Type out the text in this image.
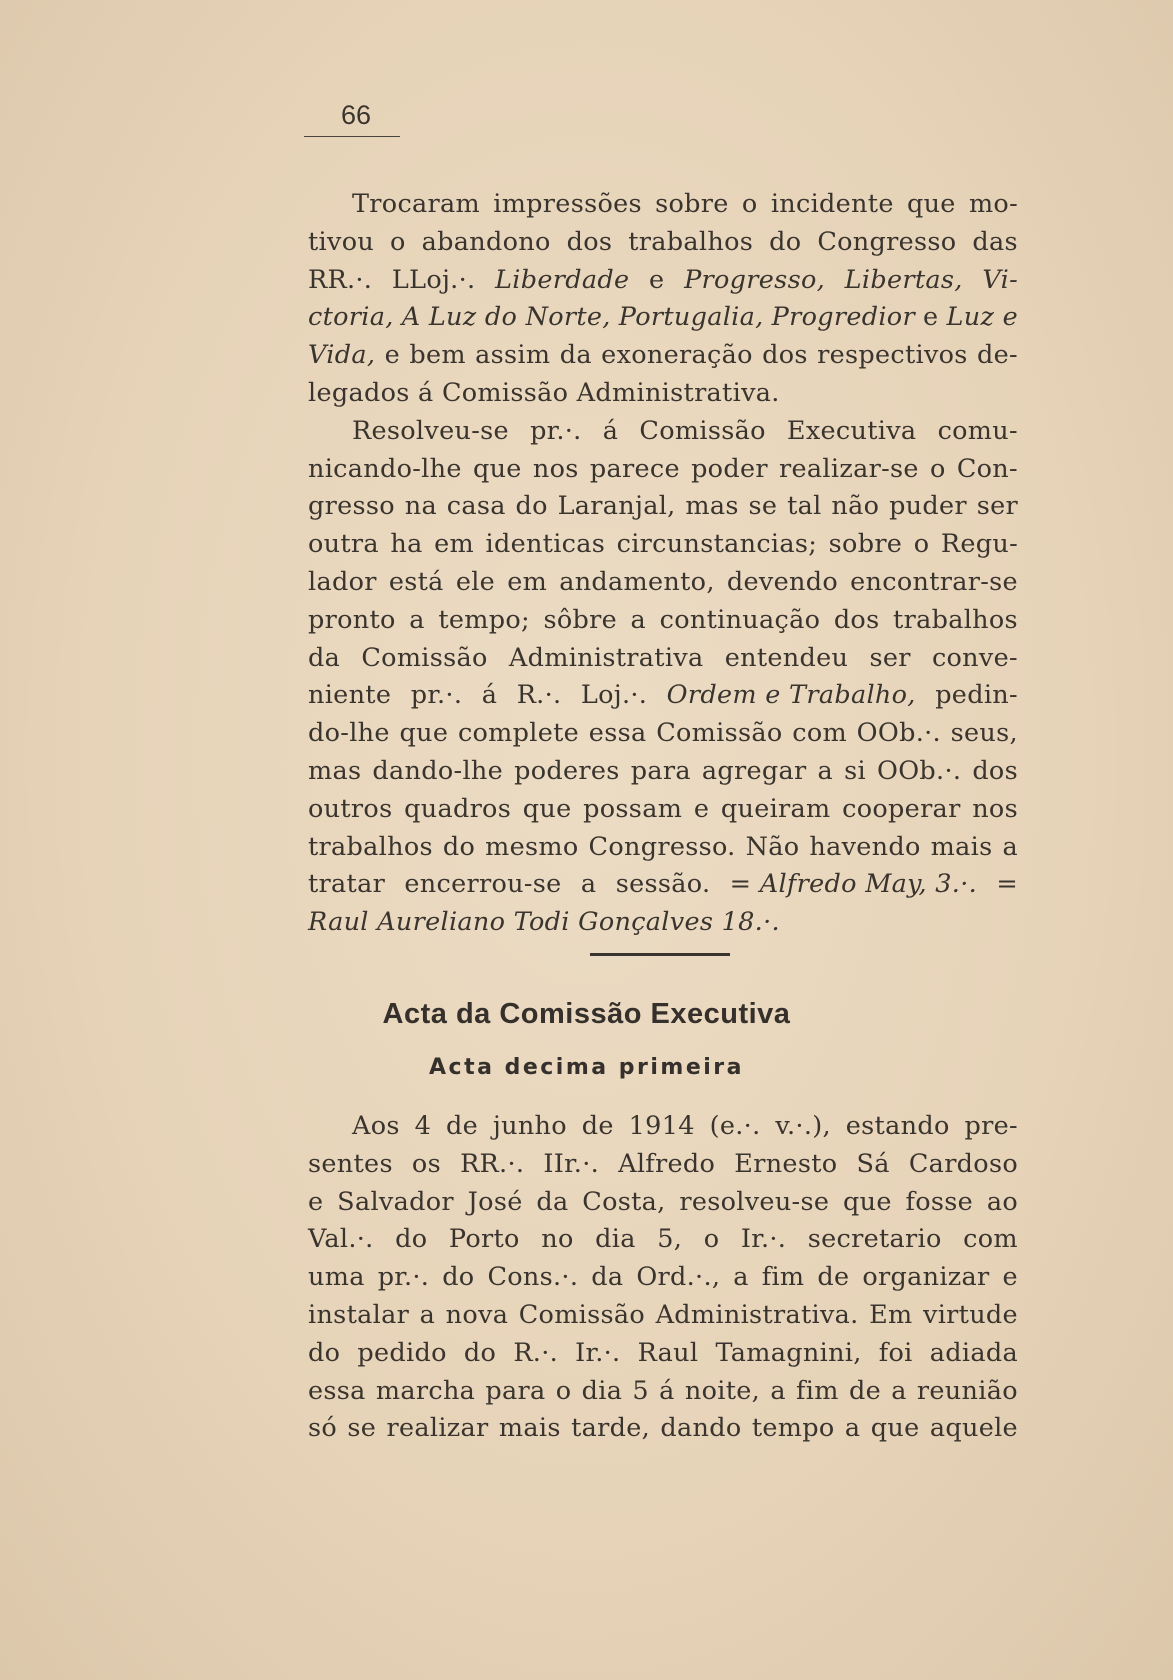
66
Trocaram impressões sobre o incidente que mo-
tivou o abandono dos trabalhos do Congresso das
RR.·. LLoj.·. Liberdade e Progresso, Libertas, Vi-
ctoria, A Luz do Norte, Portugalia, Progredior e Luz e
Vida, e bem assim da exoneração dos respectivos de-
legados á Comissão Administrativa.
Resolveu-se pr.·. á Comissão Executiva comu-
nicando-lhe que nos parece poder realizar-se o Con-
gresso na casa do Laranjal, mas se tal não puder ser
outra ha em identicas circunstancias; sobre o Regu-
lador está ele em andamento, devendo encontrar-se
pronto a tempo; sôbre a continuação dos trabalhos
da Comissão Administrativa entendeu ser conve-
niente pr.·. á R.·. Loj.·. Ordem e Trabalho, pedin-
do-lhe que complete essa Comissão com OOb.·. seus,
mas dando-lhe poderes para agregar a si OOb.·. dos
outros quadros que possam e queiram cooperar nos
trabalhos do mesmo Congresso. Não havendo mais a
tratar encerrou-se a sessão. = Alfredo May, 3.·. =
Raul Aureliano Todi Gonçalves 18.·.
Acta da Comissão Executiva
Acta decima primeira
Aos 4 de junho de 1914 (e.·. v.·.), estando pre-
sentes os RR.·. IIr.·. Alfredo Ernesto Sá Cardoso
e Salvador José da Costa, resolveu-se que fosse ao
Val.·. do Porto no dia 5, o Ir.·. secretario com
uma pr.·. do Cons.·. da Ord.·., a fim de organizar e
instalar a nova Comissão Administrativa. Em virtude
do pedido do R.·. Ir.·. Raul Tamagnini, foi adiada
essa marcha para o dia 5 á noite, a fim de a reunião
só se realizar mais tarde, dando tempo a que aquele
